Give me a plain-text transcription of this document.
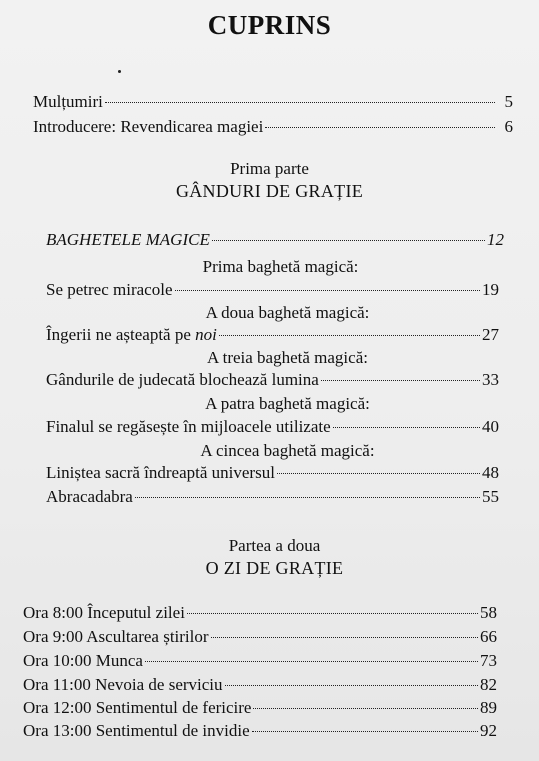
CUPRINS
Mulțumiri	5
Introducere: Revendicarea magiei	6
Prima parte
GÂNDURI DE GRAȚIE
BAGHETELE MAGICE	12
Prima baghetă magică:
Se petrec miracole	19
A doua baghetă magică:
Îngerii ne așteaptă pe noi	27
A treia baghetă magică:
Gândurile de judecată blochează lumina	33
A patra baghetă magică:
Finalul se regăsește în mijloacele utilizate	40
A cincea baghetă magică:
Liniștea sacră îndreaptă universul	48
Abracadabra	55
Partea a doua
O ZI DE GRAȚIE
Ora 8:00 Începutul zilei	58
Ora 9:00 Ascultarea știrilor	66
Ora 10:00 Munca	73
Ora 11:00 Nevoia de serviciu	82
Ora 12:00 Sentimentul de fericire	89
Ora 13:00 Sentimentul de invidie	92
